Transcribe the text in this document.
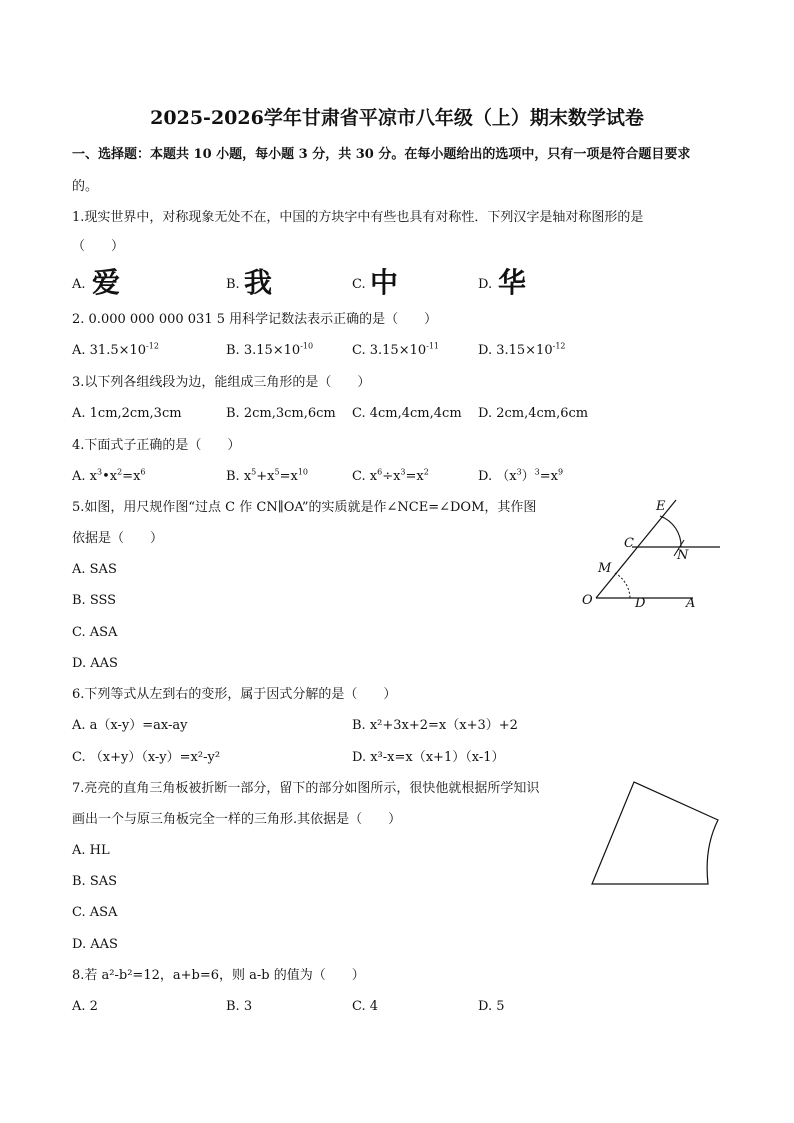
2025-2026学年甘肃省平凉市八年级（上）期末数学试卷
一、选择题：本题共 10 小题，每小题 3 分，共 30 分。在每小题给出的选项中，只有一项是符合题目要求
的。
1.现实世界中，对称现象无处不在，中国的方块字中有些也具有对称性．下列汉字是轴对称图形的是
（　　）
A. 爱	B. 我	C. 中	D. 华
2. 0.000 000 000 031 5 用科学记数法表示正确的是（　　）
A. $31.5\times 10^{-12}$	B. $3.15\times 10^{-10}$	C. $3.15\times 10^{-11}$	D. $3.15\times 10^{-12}$
3.以下列各组线段为边，能组成三角形的是（　　）
A. 1cm,2cm,3cm	B. 2cm,3cm,6cm C. 4cm,4cm,4cm D. 2cm,4cm,6cm
4.下面式子正确的是（　　）
A. $x^3•x^2=x^6$	B. $x^5+x^5=x^{10}$	C. $x^6\div x^3=x^2$	D. $(x^3)^3=x^9$
5.如图，用尺规作图“过点 C 作 CN∥OA”的实质就是作∠NCE=∠DOM，其作图
依据是（　　）
A. SAS
B. SSS
C. ASA
D. AAS
E
C
N
M
O	D	A
6.下列等式从左到右的变形，属于因式分解的是（　　）
A. a（x-y）=ax-ay	B. x²+3x+2=x（x+3）+2
C. （x+y）（x-y）=x²-y²	D. x³-x=x（x+1）（x-1）
7.亮亮的直角三角板被折断一部分，留下的部分如图所示，很快他就根据所学知识
画出一个与原三角板完全一样的三角形.其依据是（　　）
A. HL
B. SAS
C. ASA
D. AAS
8.若 a²-b²=12，a+b=6，则 a-b 的值为（　　）
A. 2	B. 3	C. 4	D. 5
